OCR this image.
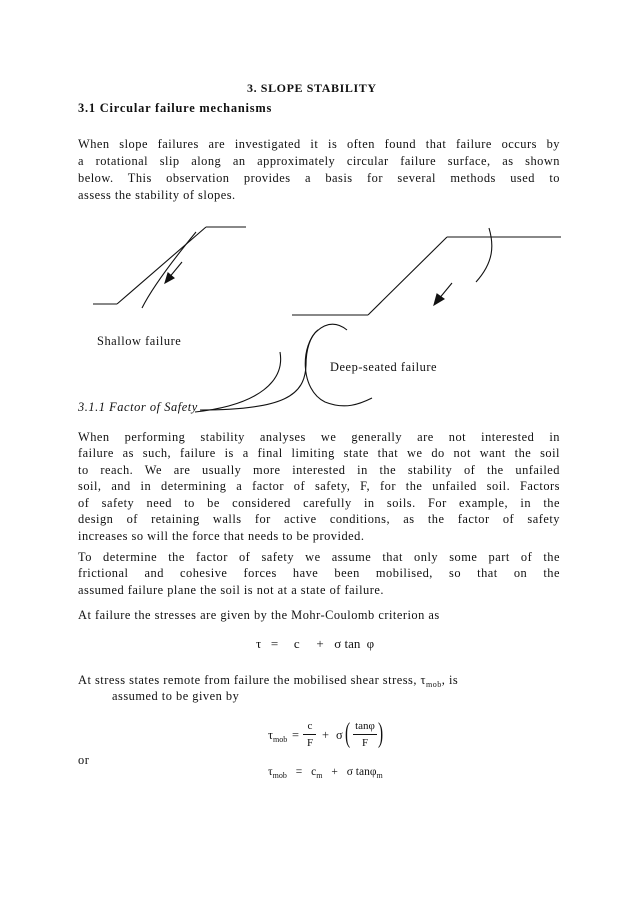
3. SLOPE STABILITY
3.1 Circular failure mechanisms
When slope failures are investigated it is often found that failure occurs by
a rotational slip along an approximately circular failure surface, as shown
below. This observation provides a basis for several methods used to
assess the stability of slopes.
Shallow failure
Deep-seated failure
3.1.1 Factor of Safety
When performing stability analyses we generally are not interested in
failure as such, failure is a final limiting state that we do not want the soil
to reach. We are usually more interested in the stability of the unfailed
soil, and in determining a factor of safety, F, for the unfailed soil. Factors
of safety need to be considered carefully in soils. For example, in the
design of retaining walls for active conditions, as the factor of safety
increases so will the force that needs to be provided.
To determine the factor of safety we assume that only some part of the
frictional and cohesive forces have been mobilised, so that on the
assumed failure plane the soil is not at a state of failure.
At failure the stresses are given by the Mohr-Coulomb criterion as
τ = c + σ tan φ
At stress states remote from failure the mobilised shear stress, $\tau_{mob}$, is
assumed to be given by
$\tau_{mob}$ =
c
F
+ σ ( tanφ
F )
or
$\tau_{mob} = c_m + \sigma$ tanφ$_m$
